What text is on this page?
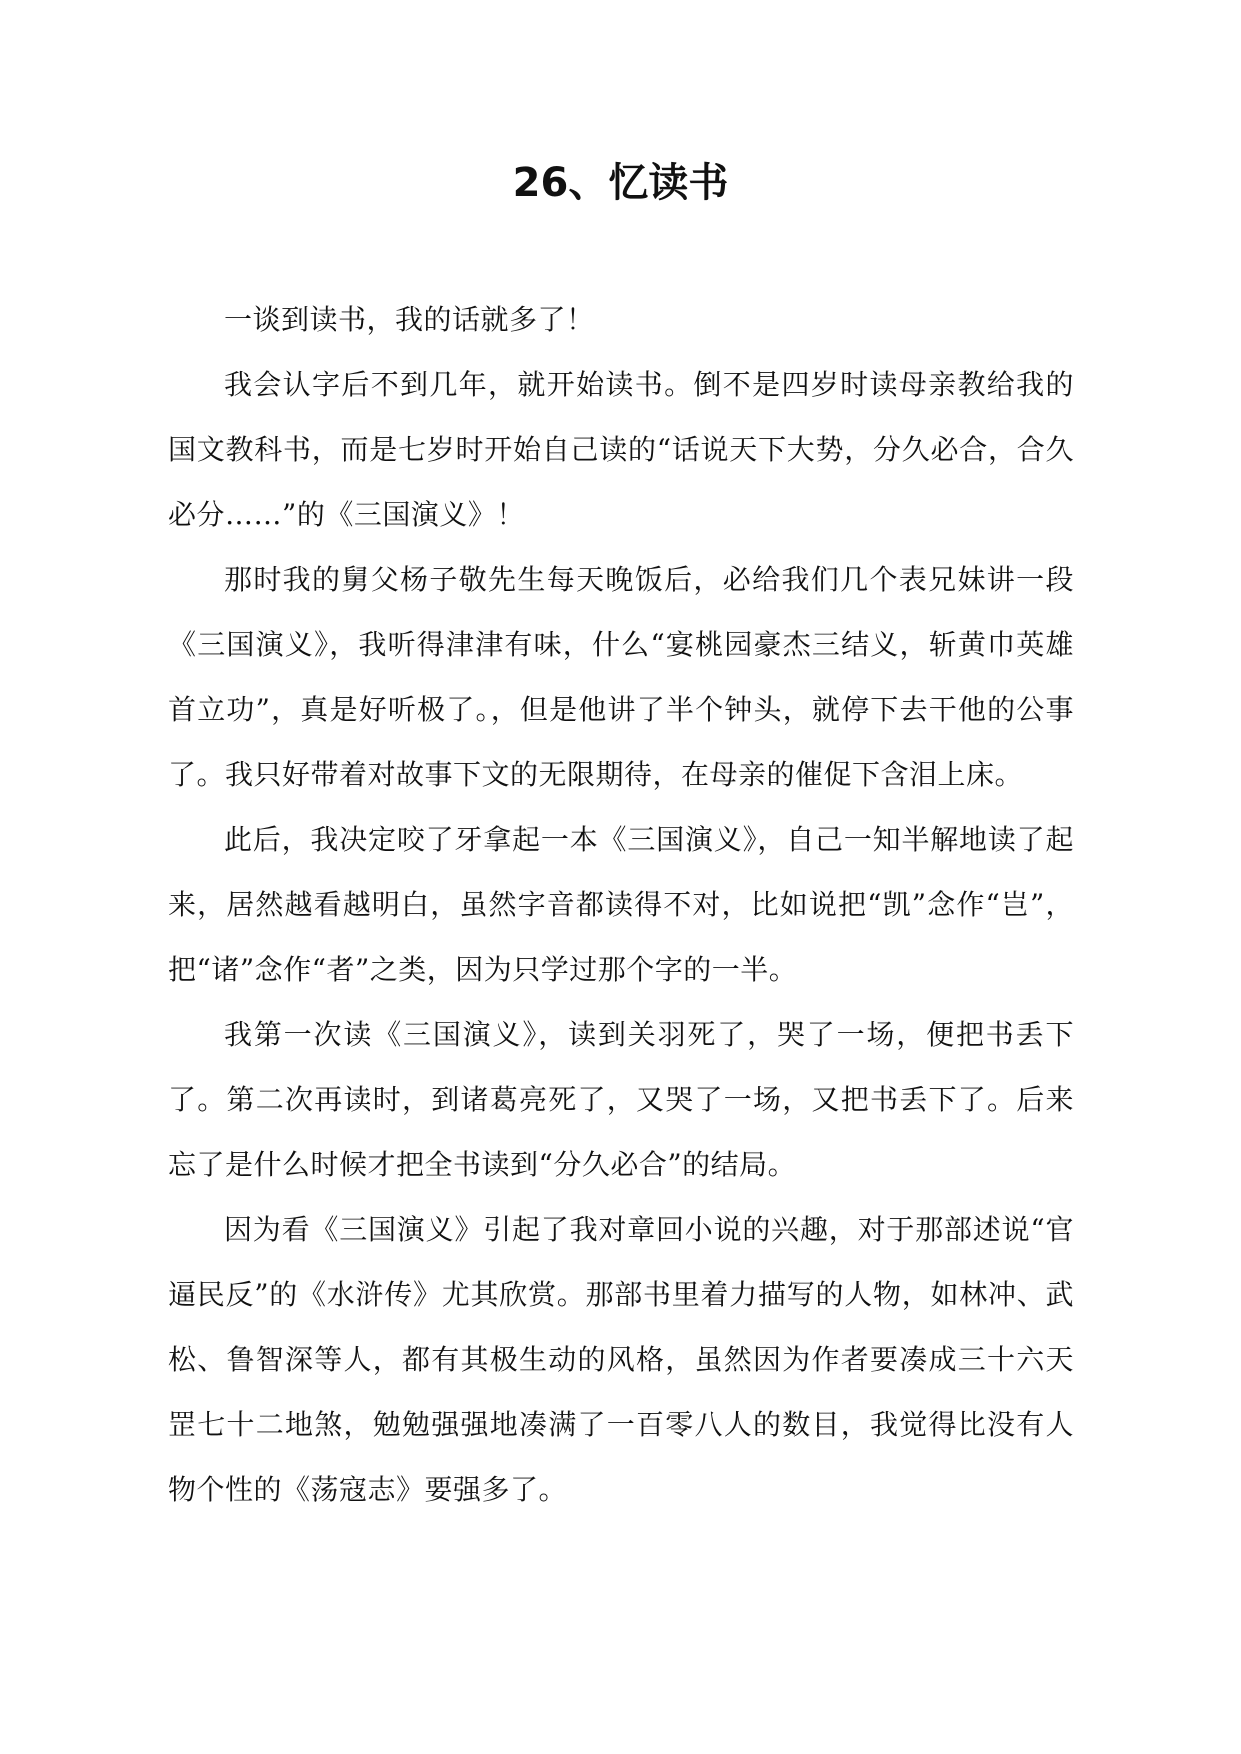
26、忆读书

一谈到读书，我的话就多了！

我会认字后不到几年，就开始读书。倒不是四岁时读母亲教给我的国文教科书，而是七岁时开始自己读的“话说天下大势，分久必合，合久必分……”的《三国演义》！

那时我的舅父杨子敬先生每天晚饭后，必给我们几个表兄妹讲一段《三国演义》，我听得津津有味，什么“宴桃园豪杰三结义，斩黄巾英雄首立功”，真是好听极了。，但是他讲了半个钟头，就停下去干他的公事了。我只好带着对故事下文的无限期待，在母亲的催促下含泪上床。

此后，我决定咬了牙拿起一本《三国演义》，自己一知半解地读了起来，居然越看越明白，虽然字音都读得不对，比如说把“凯”念作“岂”，把“诸”念作“者”之类，因为只学过那个字的一半。

我第一次读《三国演义》，读到关羽死了，哭了一场，便把书丢下了。第二次再读时，到诸葛亮死了，又哭了一场，又把书丢下了。后来忘了是什么时候才把全书读到“分久必合”的结局。

因为看《三国演义》引起了我对章回小说的兴趣，对于那部述说“官逼民反”的《水浒传》尤其欣赏。那部书里着力描写的人物，如林冲、武松、鲁智深等人，都有其极生动的风格，虽然因为作者要凑成三十六天罡七十二地煞，勉勉强强地凑满了一百零八人的数目，我觉得比没有人物个性的《荡寇志》要强多了。
